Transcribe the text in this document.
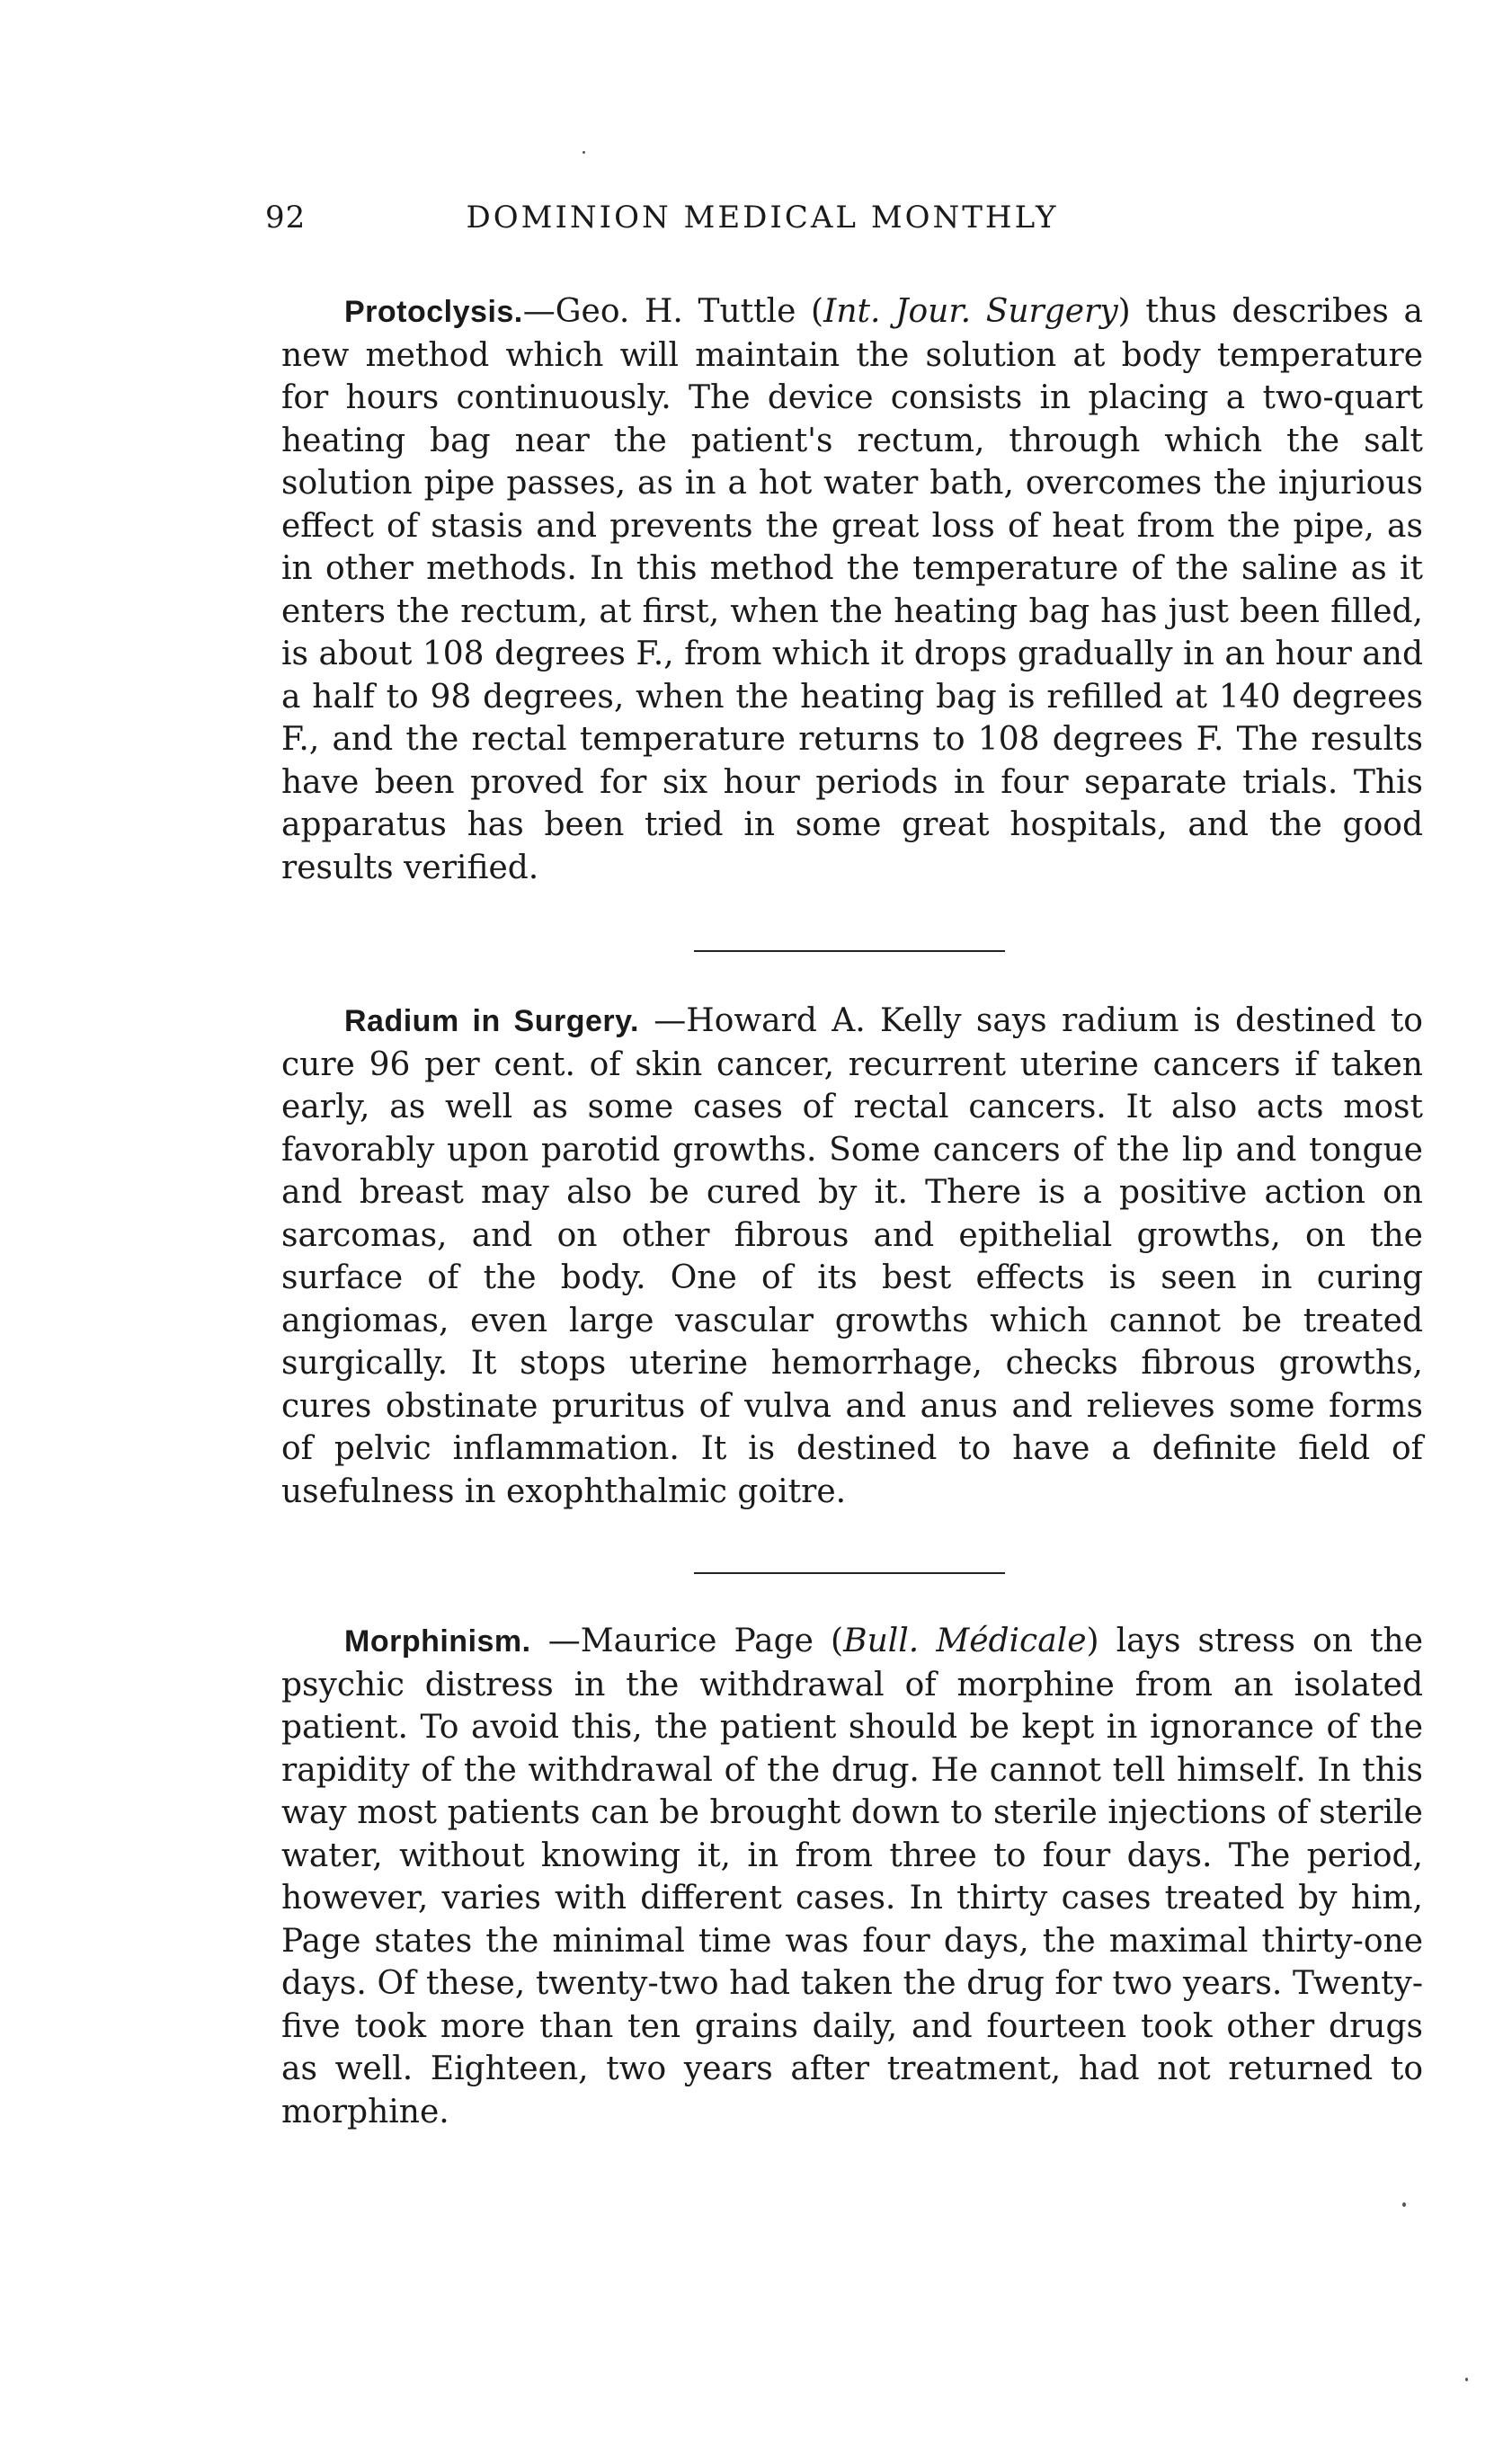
92	DOMINION MEDICAL MONTHLY

Protoclysis.—Geo. H. Tuttle (Int. Jour. Surgery) thus describes a new method which will maintain the solution at body temperature for hours continuously. The device consists in placing a two-quart heating bag near the patient's rectum, through which the salt solution pipe passes, as in a hot water bath, overcomes the injurious effect of stasis and prevents the great loss of heat from the pipe, as in other methods. In this method the temperature of the saline as it enters the rectum, at first, when the heating bag has just been filled, is about 108 degrees F., from which it drops gradually in an hour and a half to 98 degrees, when the heating bag is refilled at 140 degrees F., and the rectal temperature returns to 108 degrees F. The results have been proved for six hour periods in four separate trials. This apparatus has been tried in some great hospitals, and the good results verified.

Radium in Surgery. —Howard A. Kelly says radium is destined to cure 96 per cent. of skin cancer, recurrent uterine cancers if taken early, as well as some cases of rectal cancers. It also acts most favorably upon parotid growths. Some cancers of the lip and tongue and breast may also be cured by it. There is a positive action on sarcomas, and on other fibrous and epithelial growths, on the surface of the body. One of its best effects is seen in curing angiomas, even large vascular growths which cannot be treated surgically. It stops uterine hemorrhage, checks fibrous growths, cures obstinate pruritus of vulva and anus and relieves some forms of pelvic inflammation. It is destined to have a definite field of usefulness in exophthalmic goitre.

Morphinism. —Maurice Page (Bull. Médicale) lays stress on the psychic distress in the withdrawal of morphine from an isolated patient. To avoid this, the patient should be kept in ignorance of the rapidity of the withdrawal of the drug. He cannot tell himself. In this way most patients can be brought down to sterile injections of sterile water, without knowing it, in from three to four days. The period, however, varies with different cases. In thirty cases treated by him, Page states the minimal time was four days, the maximal thirty-one days. Of these, twenty-two had taken the drug for two years. Twenty-five took more than ten grains daily, and fourteen took other drugs as well. Eighteen, two years after treatment, had not returned to morphine.
